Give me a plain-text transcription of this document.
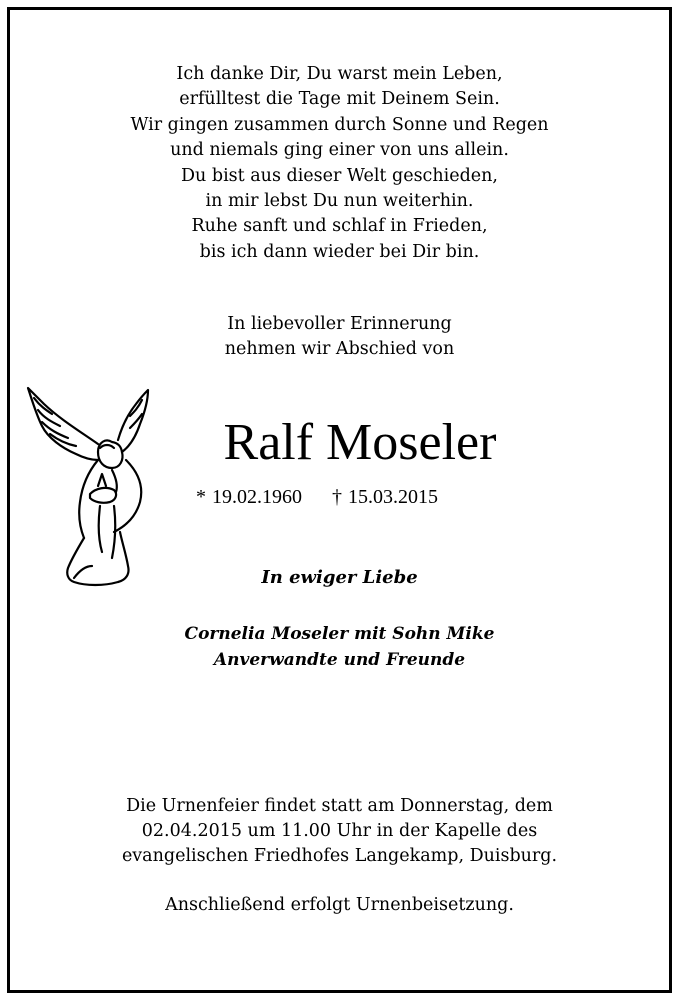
Ich danke Dir, Du warst mein Leben,
erfülltest die Tage mit Deinem Sein.
Wir gingen zusammen durch Sonne und Regen
und niemals ging einer von uns allein.
Du bist aus dieser Welt geschieden,
in mir lebst Du nun weiterhin.
Ruhe sanft und schlaf in Frieden,
bis ich dann wieder bei Dir bin.
In liebevoller Erinnerung
nehmen wir Abschied von
Ralf Moseler
* 19.02.1960 † 15.03.2015
In ewiger Liebe
Cornelia Moseler mit Sohn Mike
Anverwandte und Freunde
Die Urnenfeier findet statt am Donnerstag, dem
02.04.2015 um 11.00 Uhr in der Kapelle des
evangelischen Friedhofes Langekamp, Duisburg.
Anschließend erfolgt Urnenbeisetzung.
